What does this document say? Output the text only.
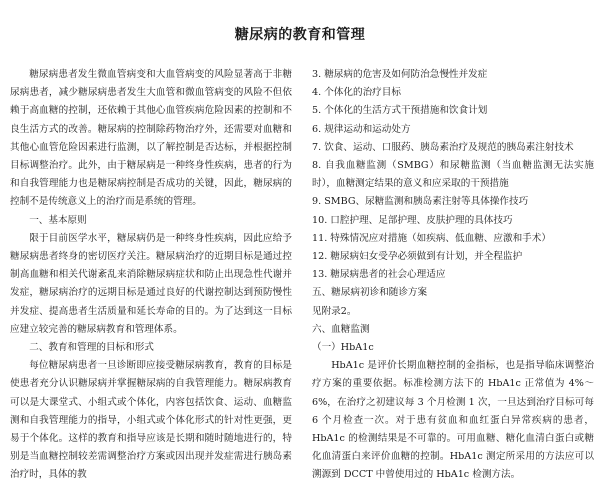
糖尿病的教育和管理

糖尿病患者发生微血管病变和大血管病变的风险显著高于非糖尿病患者，减少糖尿病患者发生大血管和微血管病变的风险不但依赖于高血糖的控制，还依赖于其他心血管疾病危险因素的控制和不良生活方式的改善。糖尿病的控制除药物治疗外，还需要对血糖和其他心血管危险因素进行监测，以了解控制是否达标，并根据控制目标调整治疗。此外，由于糖尿病是一种终身性疾病，患者的行为和自我管理能力也是糖尿病控制是否成功的关键，因此，糖尿病的控制不是传统意义上的治疗而是系统的管理。

一、基本原则

限于目前医学水平，糖尿病仍是一种终身性疾病，因此应给予糖尿病患者终身的密切医疗关注。糖尿病治疗的近期目标是通过控制高血糖和相关代谢紊乱来消除糖尿病症状和防止出现急性代谢并发症，糖尿病治疗的远期目标是通过良好的代谢控制达到预防慢性并发症、提高患者生活质量和延长寿命的目的。为了达到这一目标应建立较完善的糖尿病教育和管理体系。

二、教育和管理的目标和形式

每位糖尿病患者一旦诊断即应接受糖尿病教育，教育的目标是使患者充分认识糖尿病并掌握糖尿病的自我管理能力。糖尿病教育可以是大课堂式、小组式或个体化，内容包括饮食、运动、血糖监测和自我管理能力的指导，小组式或个体化形式的针对性更强，更易于个体化。这样的教育和指导应该是长期和随时随地进行的，特别是当血糖控制较差需调整治疗方案或因出现并发症需进行胰岛素治疗时，具体的教

3. 糖尿病的危害及如何防治急慢性并发症
4. 个体化的治疗目标
5. 个体化的生活方式干预措施和饮食计划
6. 规律运动和运动处方

7. 饮食、运动、口服药、胰岛素治疗及规范的胰岛素注射技术

8. 自我血糖监测（SMBG）和尿糖监测（当血糖监测无法实施时），血糖测定结果的意义和应采取的干预措施

9. SMBG、尿糖监测和胰岛素注射等具体操作技巧
10. 口腔护理、足部护理、皮肤护理的具体技巧
11. 特殊情况应对措施（如疾病、低血糖、应激和手术）
12. 糖尿病妇女受孕必须做到有计划，并全程监护
13. 糖尿病患者的社会心理适应
五、糖尿病初诊和随诊方案
见附录2。
六、血糖监测
（一）HbA1c

HbA1c 是评价长期血糖控制的金指标，也是指导临床调整治疗方案的重要依据。标准检测方法下的 HbA1c 正常值为 4%～6%，在治疗之初建议每 3 个月检测 1 次，一旦达到治疗目标可每 6 个月检查一次。对于患有贫血和血红蛋白异常疾病的患者，HbA1c 的检测结果是不可靠的。可用血糖、糖化血清白蛋白或糖化血清蛋白来评价血糖的控制。HbA1c 测定所采用的方法应可以溯源到 DCCT 中曾使用过的 HbA1c 检测方法。
